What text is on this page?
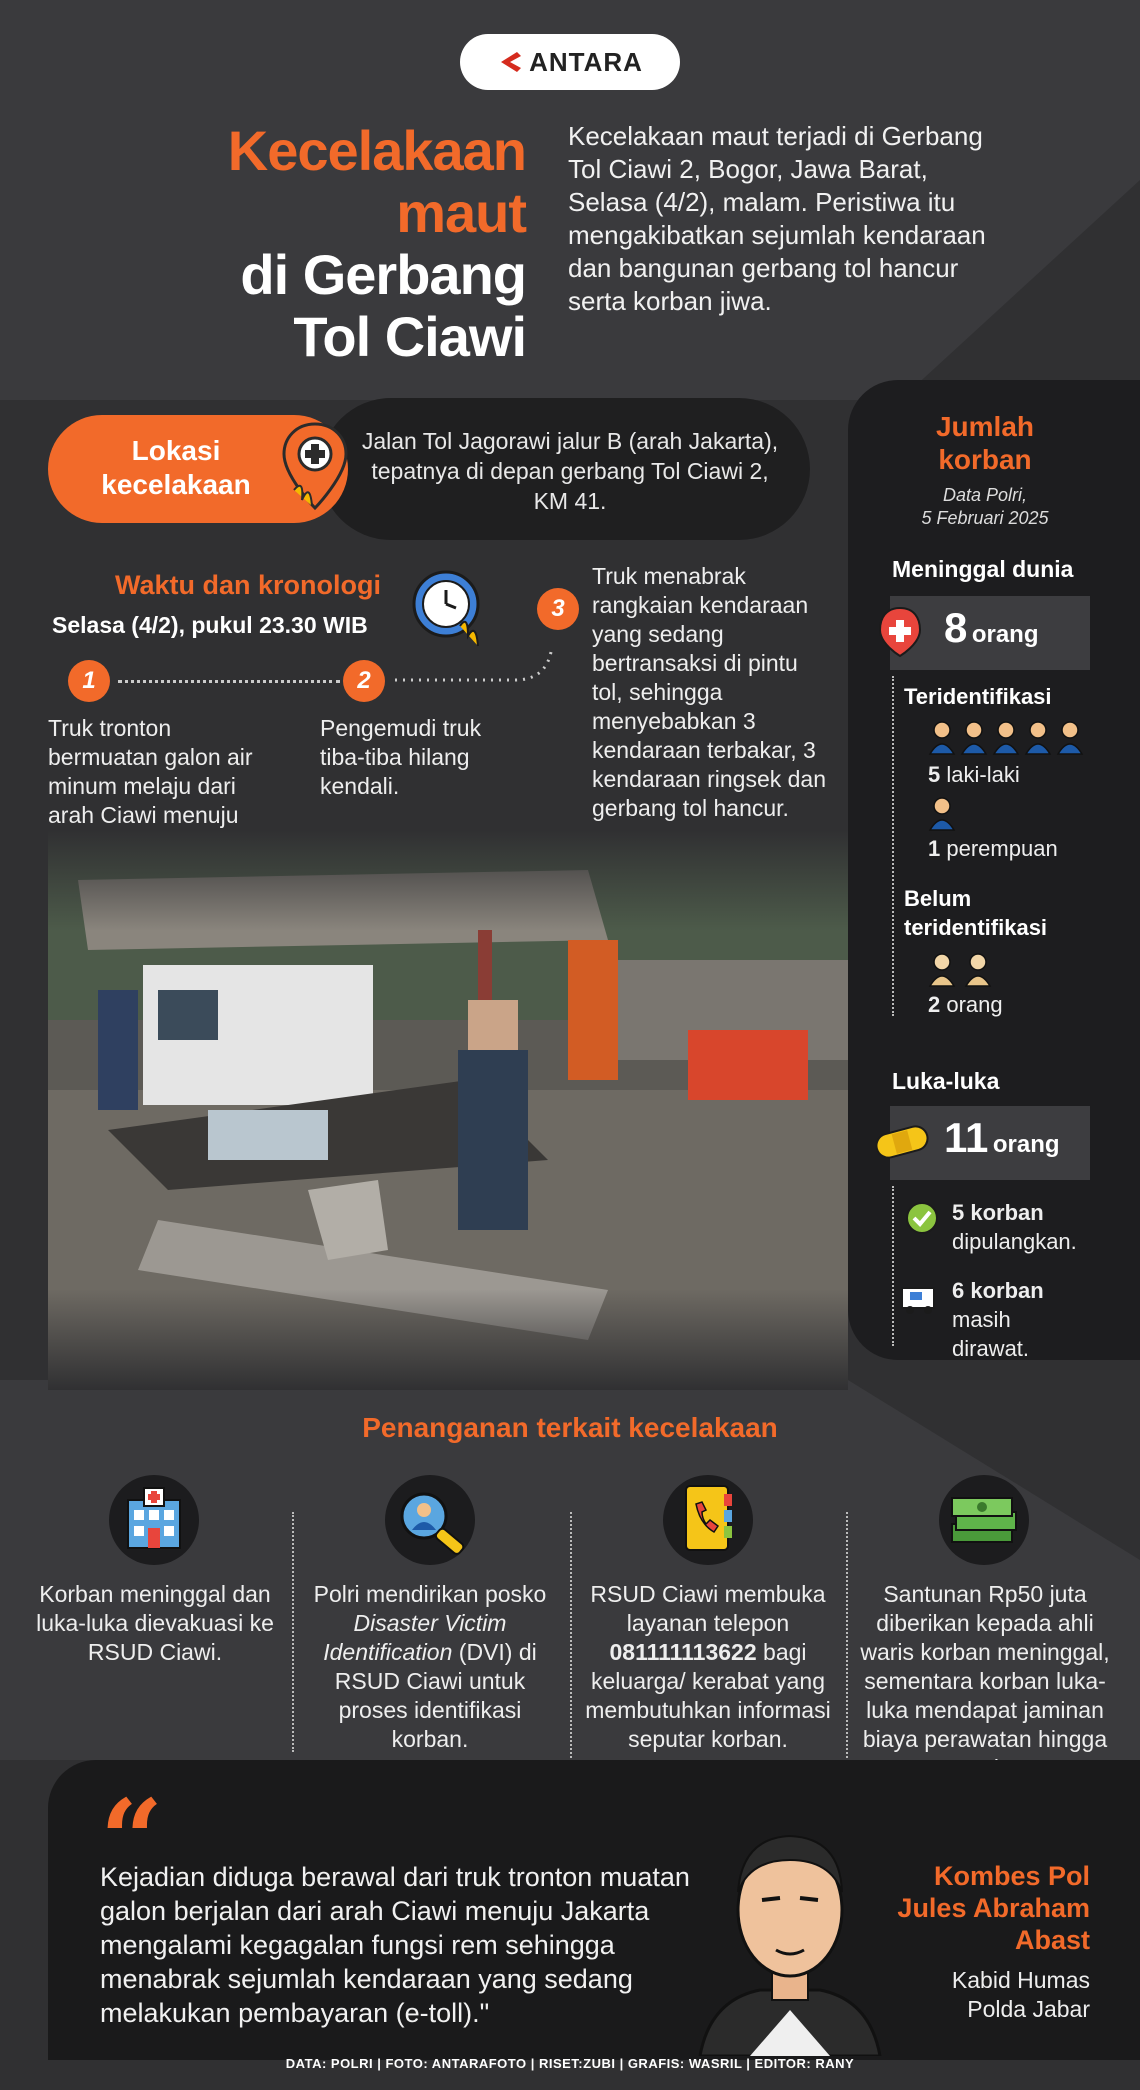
ANTARA
Kecelakaan
maut
di Gerbang
Tol Ciawi
Kecelakaan maut terjadi di Gerbang Tol Ciawi 2, Bogor, Jawa Barat, Selasa (4/2), malam. Peristiwa itu mengakibatkan sejumlah kendaraan dan bangunan gerbang tol hancur serta korban jiwa.
Lokasi
kecelakaan
Jalan Tol Jagorawi jalur B (arah Jakarta), tepatnya di depan gerbang Tol Ciawi 2, KM 41.
Waktu dan kronologi
Selasa (4/2), pukul 23.30 WIB
1	2
3
Truk tronton bermuatan galon air minum melaju dari arah Ciawi menuju
Pengemudi truk tiba-tiba hilang kendali.
Truk menabrak rangkaian kendaraan yang sedang bertransaksi di pintu tol, sehingga menyebabkan 3 kendaraan terbakar, 3 kendaraan ringsek dan gerbang tol hancur.
Jumlah
korban
Data Polri,
5 Februari 2025
Meninggal dunia
8 orang
Teridentifikasi
5 laki-laki
1 perempuan
Belum
teridentifikasi
2 orang
Luka-luka
11 orang
5 korban
dipulangkan.
6 korban
masih
dirawat.
Penanganan terkait kecelakaan
Korban meninggal dan luka-luka dievakuasi ke RSUD Ciawi.
Polri mendirikan posko Disaster Victim Identification (DVI) di RSUD Ciawi untuk proses identifikasi korban.
RSUD Ciawi membuka layanan telepon 081111113622 bagi keluarga/ kerabat yang membutuhkan informasi seputar korban.
Santunan Rp50 juta diberikan kepada ahli waris korban meninggal, sementara korban luka-luka mendapat jaminan biaya perawatan hingga
“
Kejadian diduga berawal dari truk tronton muatan galon berjalan dari arah Ciawi menuju Jakarta mengalami kegagalan fungsi rem sehingga menabrak sejumlah kendaraan yang sedang melakukan pembayaran (e-toll)."
Kombes Pol
Jules Abraham
Abast
Kabid Humas
Polda Jabar
DATA: POLRI | FOTO: ANTARAFOTO | RISET:ZUBI | GRAFIS: WASRIL | EDITOR: RANY
